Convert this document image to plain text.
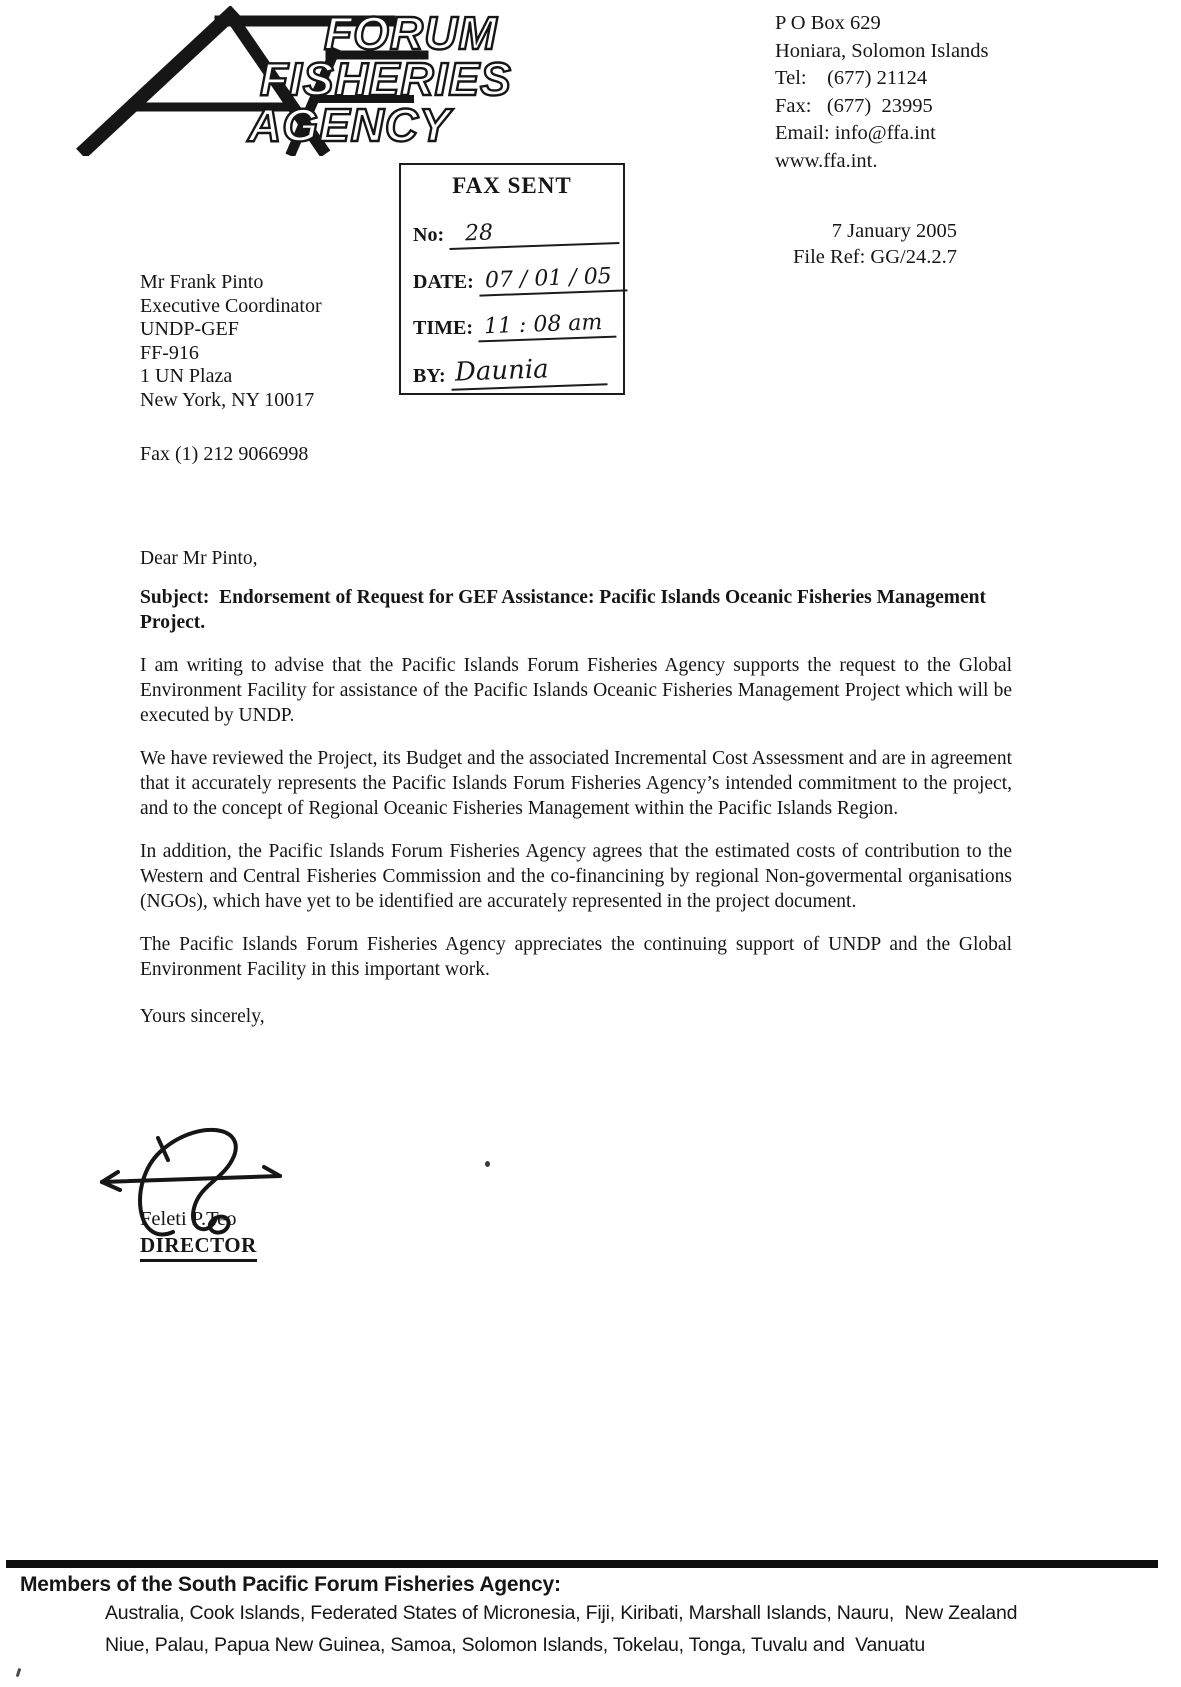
FORUM
FISHERIES
AGENCY
P O Box 629
Honiara, Solomon Islands
Tel:    (677) 21124
Fax:   (677)  23995
Email: info@ffa.int
www.ffa.int.
FAX SENT
No: 28
DATE: 07 / 01 / 05
TIME: 11 : 08 am
BY: Daunia
7 January 2005
File Ref: GG/24.2.7
Mr Frank Pinto
Executive Coordinator
UNDP-GEF
FF-916
1 UN Plaza
New York, NY 10017
Fax (1) 212 9066998

Dear Mr Pinto,

Subject:  Endorsement of Request for GEF Assistance: Pacific Islands Oceanic Fisheries Management Project.

I am writing to advise that the Pacific Islands Forum Fisheries Agency supports the request to the Global Environment Facility for assistance of the Pacific Islands Oceanic Fisheries Management Project which will be executed by UNDP.

We have reviewed the Project, its Budget and the associated Incremental Cost Assessment and are in agreement that it accurately represents the Pacific Islands Forum Fisheries Agency’s intended commitment to the project, and to the concept of Regional Oceanic Fisheries Management within the Pacific Islands Region.

In addition, the Pacific Islands Forum Fisheries Agency agrees that the estimated costs of contribution to the Western and Central Fisheries Commission and the co-financining by regional Non-govermental organisations (NGOs), which have yet to be identified are accurately represented in the project document.

The Pacific Islands Forum Fisheries Agency appreciates the continuing support of UNDP and the Global Environment Facility in this important work.

Yours sincerely,

Feleti P.Teo
DIRECTOR
Members of the South Pacific Forum Fisheries Agency:
Australia, Cook Islands, Federated States of Micronesia, Fiji, Kiribati, Marshall Islands, Nauru,  New Zealand
Niue, Palau, Papua New Guinea, Samoa, Solomon Islands, Tokelau, Tonga, Tuvalu and  Vanuatu
